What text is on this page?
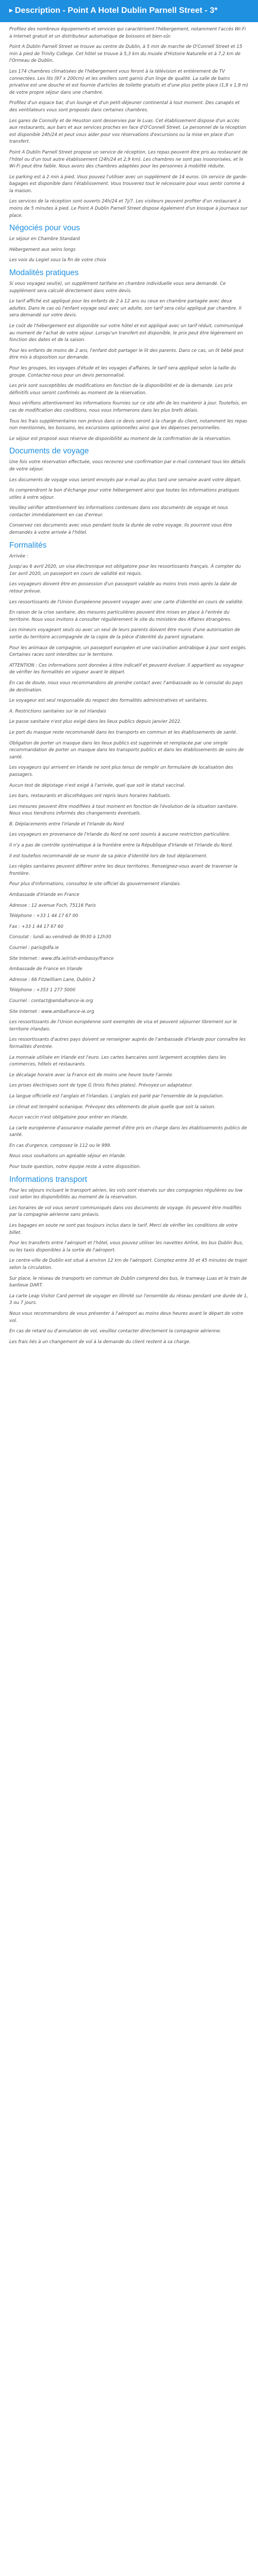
▶ Description - Point A Hotel Dublin Parnell Street - 3*

Profitez des nombreux équipements et services qui caractérisent l'hébergement, notamment l'accès Wi-Fi à Internet gratuit et un distributeur automatique de boissons et bien-sûr.

Point A Dublin Parnell Street se trouve au centre de Dublin, à 5 min de marche de O'Connell Street et 15 min à pied de Trinity College. Cet hôtel se trouve à 5,3 km du musée d'Histoire Naturelle et à 7,2 km de l'Ormeau de Dublin.

Les 174 chambres climatisées de l'hébergement vous feront à la télévision et entièrement de TV connectées. Les lits (97 x 200cm) et les oreillers sont garnis d'un linge de qualité. La salle de bains privative est une douche et est fournie d'articles de toilette gratuits et d'une plus petite place (1,9 x 1,9 m) de votre propre séjour dans une chambre.

Profitez d'un espace bar, d'un lounge et d'un petit-déjeuner continental à tout moment. Des canapés et des ventilateurs vous sont proposés dans certaines chambres.

Les gares de Connolly et de Heuston sont desservies par le Luas. Cet établissement dispose d'un accès aux restaurants, aux bars et aux services proches en face d'O'Connell Street. Le personnel de la réception est disponible 24h/24 et peut vous aider pour vos réservations d'excursions ou la mise en place d'un transfert.

Point A Dublin Parnell Street propose un service de réception. Les repas peuvent être pris au restaurant de l'hôtel ou d'un tout autre établissement (24h/24 et 2,9 km). Les chambres ne sont pas insonorisées, et le Wi-Fi peut être faible. Nous avons des chambres adaptées pour les personnes à mobilité réduite.

Le parking est à 2 min à pied. Vous pouvez l'utiliser avec un supplément de 14 euros. Un service de garde-bagages est disponible dans l'établissement. Vous trouverez tout le nécessaire pour vous sentir comme à la maison.

Les services de la réception sont ouverts 24h/24 et 7j/7. Les visiteurs peuvent profiter d'un restaurant à moins de 5 minutes à pied. Le Point A Dublin Parnell Street dispose également d'un kiosque à journaux sur place.

Négociés pour vous

Le séjour en Chambre Standard

Hébergement aux seins longs

Les voix du Legiel sous la fin de votre choix

Modalités pratiques

Si vous voyagez seul(e), un supplément tarifaire en chambre individuelle vous sera demandé. Ce supplément sera calculé directement dans votre devis.

Le tarif affiché est appliqué pour les enfants de 2 à 12 ans ou ceux en chambre partagée avec deux adultes. Dans le cas où l'enfant voyage seul avec un adulte, son tarif sera celui appliqué par chambre. Il sera demandé sur votre devis.

Le coût de l'hébergement est disponible sur votre hôtel et est appliqué avec un tarif réduit, communiqué au moment de l'achat de votre séjour. Lorsqu'un transfert est disponible, le prix peut être légèrement en fonction des dates et de la saison.

Pour les enfants de moins de 2 ans, l'enfant doit partager le lit des parents. Dans ce cas, un lit bébé peut être mis à disposition sur demande.

Pour les groupes, les voyages d'étude et les voyages d'affaires, le tarif sera appliqué selon la taille du groupe. Contactez-nous pour un devis personnalisé.

Les prix sont susceptibles de modifications en fonction de la disponibilité et de la demande. Les prix définitifs vous seront confirmés au moment de la réservation.

Nous vérifions attentivement les informations fournies sur ce site afin de les maintenir à jour. Toutefois, en cas de modification des conditions, nous vous informerons dans les plus brefs délais.

Tous les frais supplémentaires non prévus dans ce devis seront à la charge du client, notamment les repas non mentionnés, les boissons, les excursions optionnelles ainsi que les dépenses personnelles.

Le séjour est proposé sous réserve de disponibilité au moment de la confirmation de la réservation.

Documents de voyage

Une fois votre réservation effectuée, vous recevrez une confirmation par e-mail contenant tous les détails de votre séjour.

Les documents de voyage vous seront envoyés par e-mail au plus tard une semaine avant votre départ.

Ils comprendront le bon d'échange pour votre hébergement ainsi que toutes les informations pratiques utiles à votre séjour.

Veuillez vérifier attentivement les informations contenues dans vos documents de voyage et nous contacter immédiatement en cas d'erreur.

Conservez ces documents avec vous pendant toute la durée de votre voyage. Ils pourront vous être demandés à votre arrivée à l'hôtel.

Formalités

Arrivée :

Jusqu'au 6 avril 2020, un visa électronique est obligatoire pour les ressortissants français. À compter du 1er avril 2020, un passeport en cours de validité est requis.

Les voyageurs doivent être en possession d'un passeport valable au moins trois mois après la date de retour prévue.

Les ressortissants de l'Union Européenne peuvent voyager avec une carte d'identité en cours de validité.

En raison de la crise sanitaire, des mesures particulières peuvent être mises en place à l'entrée du territoire. Nous vous invitons à consulter régulièrement le site du ministère des Affaires étrangères.

Les mineurs voyageant seuls ou avec un seul de leurs parents doivent être munis d'une autorisation de sortie du territoire accompagnée de la copie de la pièce d'identité du parent signataire.

Pour les animaux de compagnie, un passeport européen et une vaccination antirabique à jour sont exigés. Certaines races sont interdites sur le territoire.

ATTENTION : Ces informations sont données à titre indicatif et peuvent évoluer. Il appartient au voyageur de vérifier les formalités en vigueur avant le départ.

En cas de doute, nous vous recommandons de prendre contact avec l'ambassade ou le consulat du pays de destination.

Le voyageur est seul responsable du respect des formalités administratives et sanitaires.

A. Restrictions sanitaires sur le sol irlandais

Le passe sanitaire n'est plus exigé dans les lieux publics depuis janvier 2022.

Le port du masque reste recommandé dans les transports en commun et les établissements de santé.

Obligation de porter un masque dans les lieux publics est supprimée et remplacée par une simple recommandation de porter un masque dans les transports publics et dans les établissements de soins de santé.

Les voyageurs qui arrivent en Irlande ne sont plus tenus de remplir un formulaire de localisation des passagers.

Aucun test de dépistage n'est exigé à l'arrivée, quel que soit le statut vaccinal.

Les bars, restaurants et discothèques ont repris leurs horaires habituels.

Les mesures peuvent être modifiées à tout moment en fonction de l'évolution de la situation sanitaire. Nous vous tiendrons informés des changements éventuels.

B. Déplacements entre l'Irlande et l'Irlande du Nord

Les voyageurs en provenance de l'Irlande du Nord ne sont soumis à aucune restriction particulière.

Il n'y a pas de contrôle systématique à la frontière entre la République d'Irlande et l'Irlande du Nord.

Il est toutefois recommandé de se munir de sa pièce d'identité lors de tout déplacement.

Les règles sanitaires peuvent différer entre les deux territoires. Renseignez-vous avant de traverser la frontière.

Pour plus d'informations, consultez le site officiel du gouvernement irlandais.

Ambassade d'Irlande en France

Adresse : 12 avenue Foch, 75116 Paris

Téléphone : +33 1 44 17 67 00

Fax : +33 1 44 17 67 60

Consulat : lundi au vendredi de 9h30 à 12h30

Courriel : paris@dfa.ie

Site Internet : www.dfa.ie/irish-embassy/france

Ambassade de France en Irlande

Adresse : 66 Fitzwilliam Lane, Dublin 2

Téléphone : +353 1 277 5000

Courriel : contact@ambafrance-ie.org

Site Internet : www.ambafrance-ie.org

Les ressortissants de l'Union européenne sont exemptés de visa et peuvent séjourner librement sur le territoire irlandais.

Les ressortissants d'autres pays doivent se renseigner auprès de l'ambassade d'Irlande pour connaître les formalités d'entrée.

La monnaie utilisée en Irlande est l'euro. Les cartes bancaires sont largement acceptées dans les commerces, hôtels et restaurants.

Le décalage horaire avec la France est de moins une heure toute l'année.

Les prises électriques sont de type G (trois fiches plates). Prévoyez un adaptateur.

La langue officielle est l'anglais et l'irlandais. L'anglais est parlé par l'ensemble de la population.

Le climat est tempéré océanique. Prévoyez des vêtements de pluie quelle que soit la saison.

Aucun vaccin n'est obligatoire pour entrer en Irlande.

La carte européenne d'assurance maladie permet d'être pris en charge dans les établissements publics de santé.

En cas d'urgence, composez le 112 ou le 999.

Nous vous souhaitons un agréable séjour en Irlande.

Pour toute question, notre équipe reste à votre disposition.

Informations transport

Pour les séjours incluant le transport aérien, les vols sont réservés sur des compagnies régulières ou low cost selon les disponibilités au moment de la réservation.

Les horaires de vol vous seront communiqués dans vos documents de voyage. Ils peuvent être modifiés par la compagnie aérienne sans préavis.

Les bagages en soute ne sont pas toujours inclus dans le tarif. Merci de vérifier les conditions de votre billet.

Pour les transferts entre l'aéroport et l'hôtel, vous pouvez utiliser les navettes Airlink, les bus Dublin Bus, ou les taxis disponibles à la sortie de l'aéroport.

Le centre-ville de Dublin est situé à environ 12 km de l'aéroport. Comptez entre 30 et 45 minutes de trajet selon la circulation.

Sur place, le réseau de transports en commun de Dublin comprend des bus, le tramway Luas et le train de banlieue DART.

La carte Leap Visitor Card permet de voyager en illimité sur l'ensemble du réseau pendant une durée de 1, 3 ou 7 jours.

Nous vous recommandons de vous présenter à l'aéroport au moins deux heures avant le départ de votre vol.

En cas de retard ou d'annulation de vol, veuillez contacter directement la compagnie aérienne.

Les frais liés à un changement de vol à la demande du client restent à sa charge.
